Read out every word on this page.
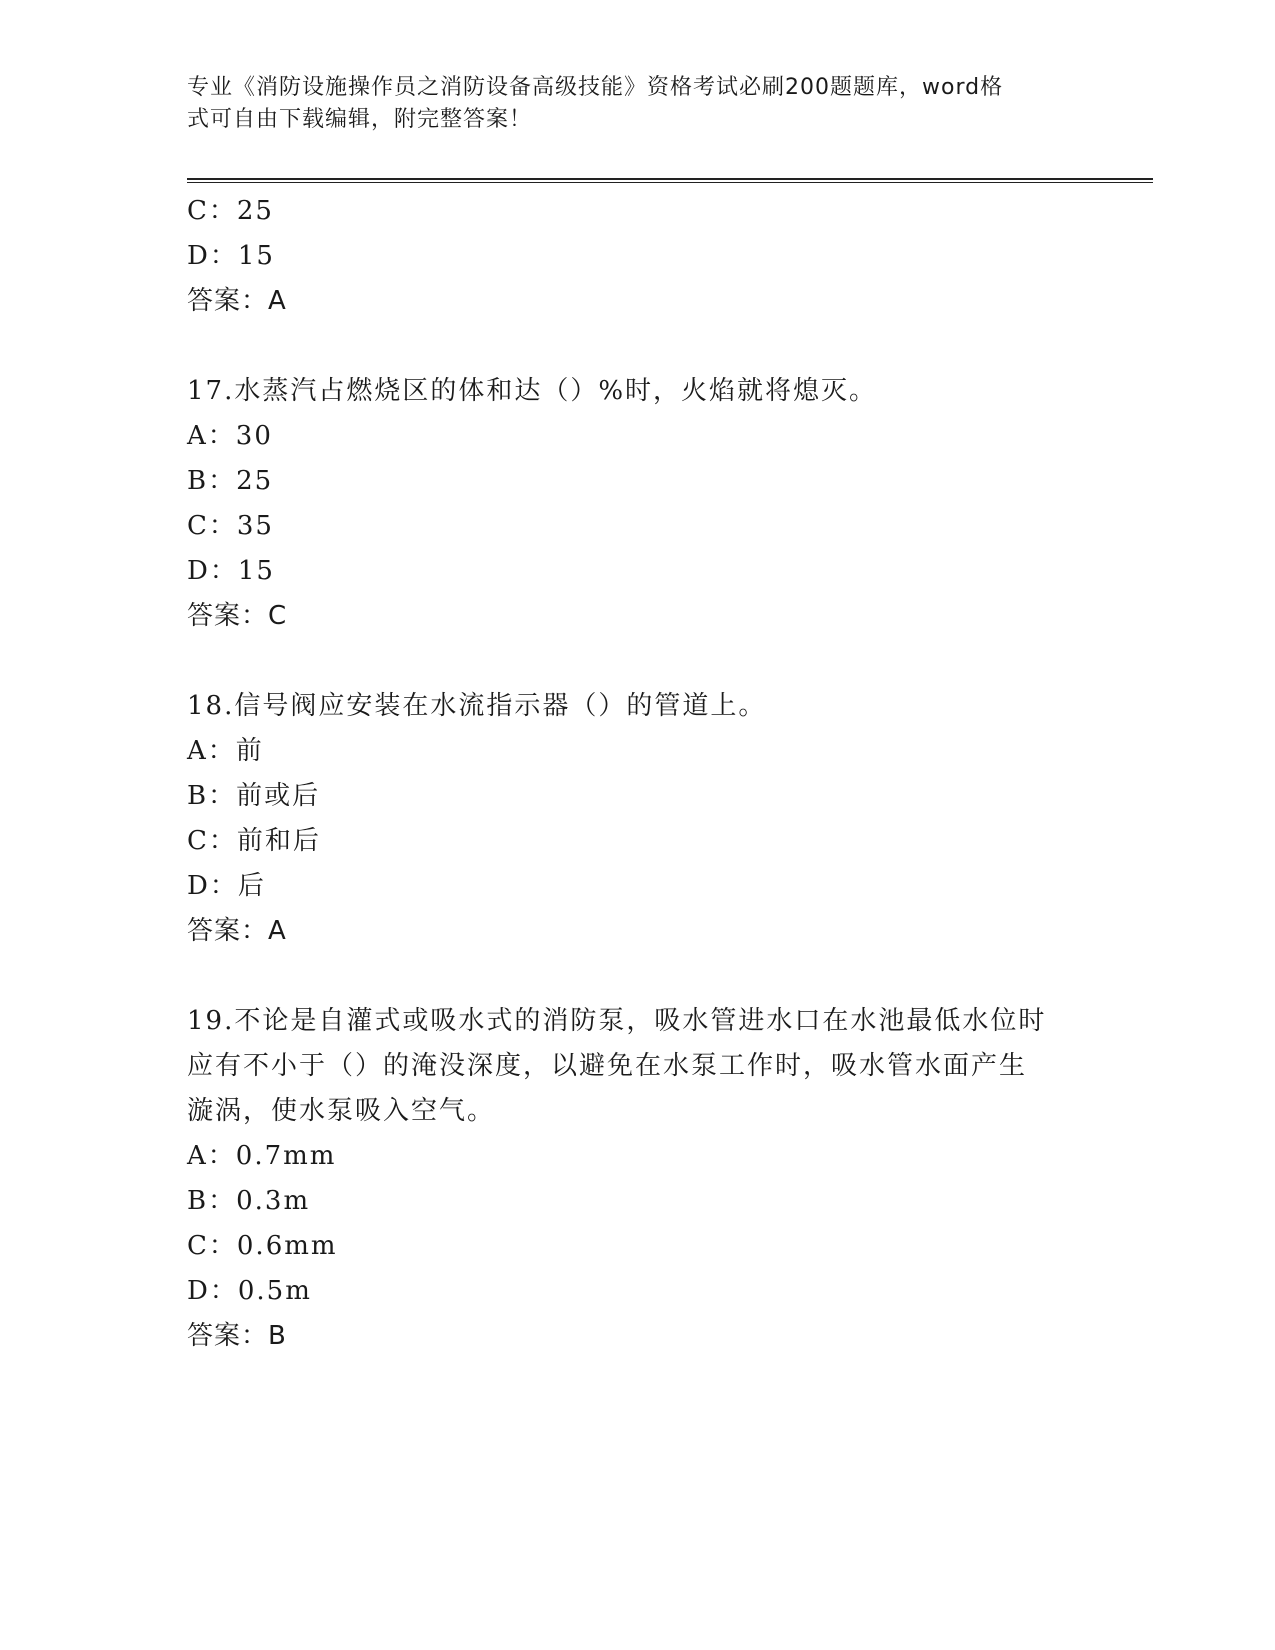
专业《消防设施操作员之消防设备高级技能》资格考试必刷200题题库，word格
式可自由下载编辑，附完整答案！
C：25
D：15
答案：A
17.水蒸汽占燃烧区的体和达（）%时，火焰就将熄灭。
A：30
B：25
C：35
D：15
答案：C
18.信号阀应安装在水流指示器（）的管道上。
A：前
B：前或后
C：前和后
D：后
答案：A
19.不论是自灌式或吸水式的消防泵，吸水管进水口在水池最低水位时
应有不小于（）的淹没深度，以避免在水泵工作时，吸水管水面产生
漩涡，使水泵吸入空气。
A：0.7mm
B：0.3m
C：0.6mm
D：0.5m
答案：B
